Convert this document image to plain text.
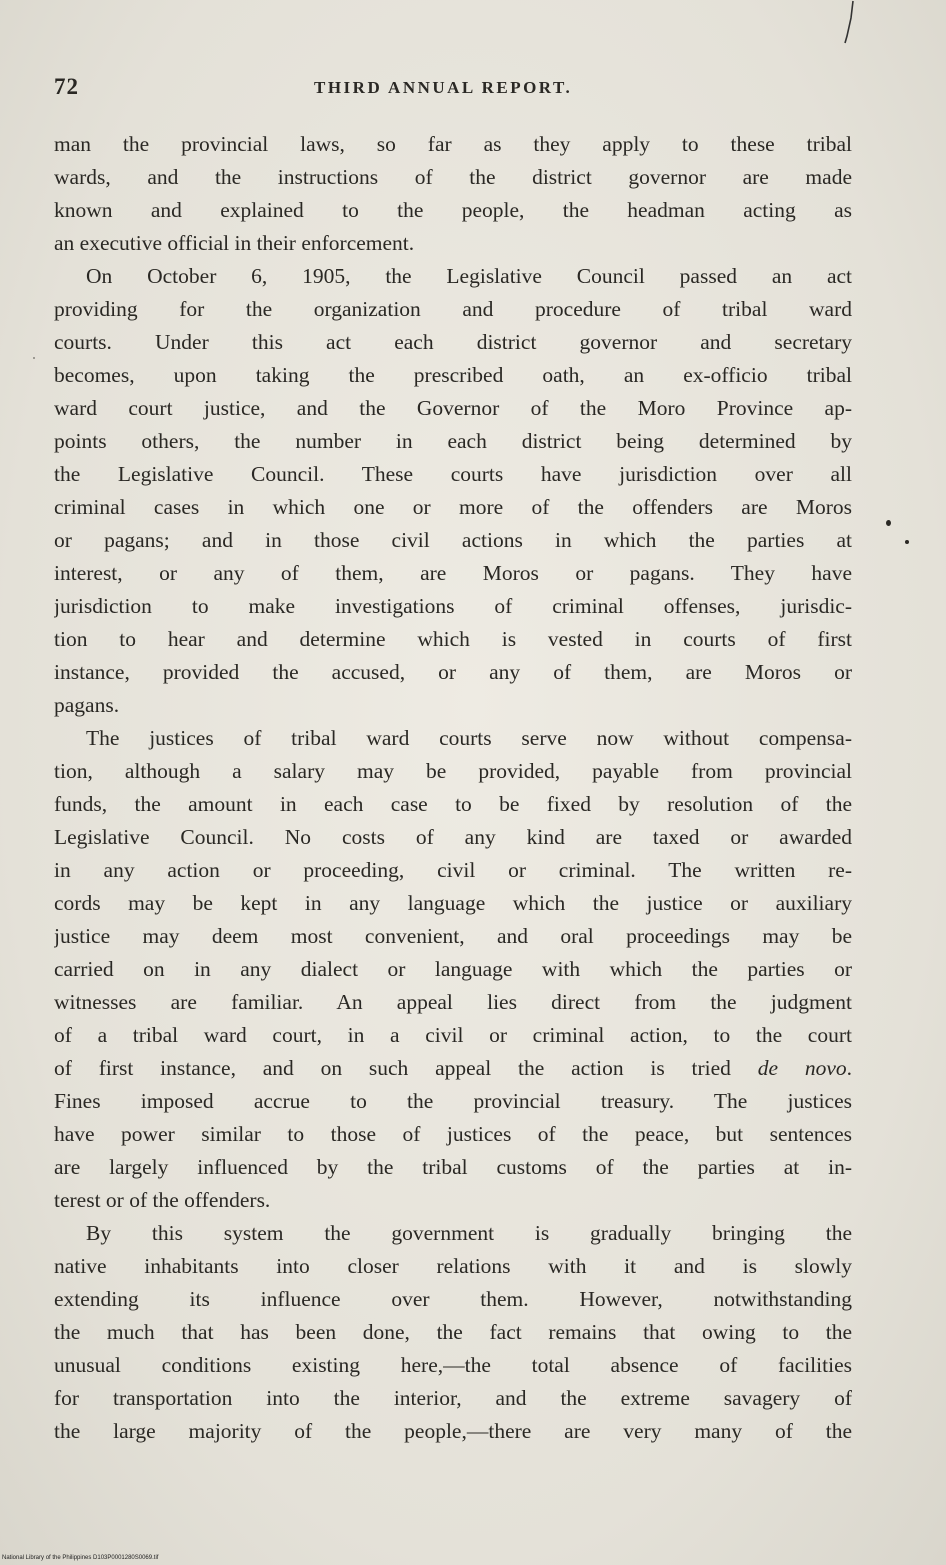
72	THIRD ANNUAL REPORT.
man the provincial laws, so far as they apply to these tribal
wards, and the instructions of the district governor are made
known and explained to the people, the headman acting as
an executive official in their enforcement.
On October 6, 1905, the Legislative Council passed an act
providing for the organization and procedure of tribal ward
courts. Under this act each district governor and secretary
becomes, upon taking the prescribed oath, an ex-officio tribal
ward court justice, and the Governor of the Moro Province ap-
points others, the number in each district being determined by
the Legislative Council. These courts have jurisdiction over all
criminal cases in which one or more of the offenders are Moros
or pagans; and in those civil actions in which the parties at
interest, or any of them, are Moros or pagans. They have
jurisdiction to make investigations of criminal offenses, jurisdic-
tion to hear and determine which is vested in courts of first
instance, provided the accused, or any of them, are Moros or
pagans.
The justices of tribal ward courts serve now without compensa-
tion, although a salary may be provided, payable from provincial
funds, the amount in each case to be fixed by resolution of the
Legislative Council. No costs of any kind are taxed or awarded
in any action or proceeding, civil or criminal. The written re-
cords may be kept in any language which the justice or auxiliary
justice may deem most convenient, and oral proceedings may be
carried on in any dialect or language with which the parties or
witnesses are familiar. An appeal lies direct from the judgment
of a tribal ward court, in a civil or criminal action, to the court
of first instance, and on such appeal the action is tried de novo.
Fines imposed accrue to the provincial treasury. The justices
have power similar to those of justices of the peace, but sentences
are largely influenced by the tribal customs of the parties at in-
terest or of the offenders.
By this system the government is gradually bringing the
native inhabitants into closer relations with it and is slowly
extending its influence over them. However, notwithstanding
the much that has been done, the fact remains that owing to the
unusual conditions existing here,—the total absence of facilities
for transportation into the interior, and the extreme savagery of
the large majority of the people,—there are very many of the
National Library of the Philippines D103P0001280S0069.tif
